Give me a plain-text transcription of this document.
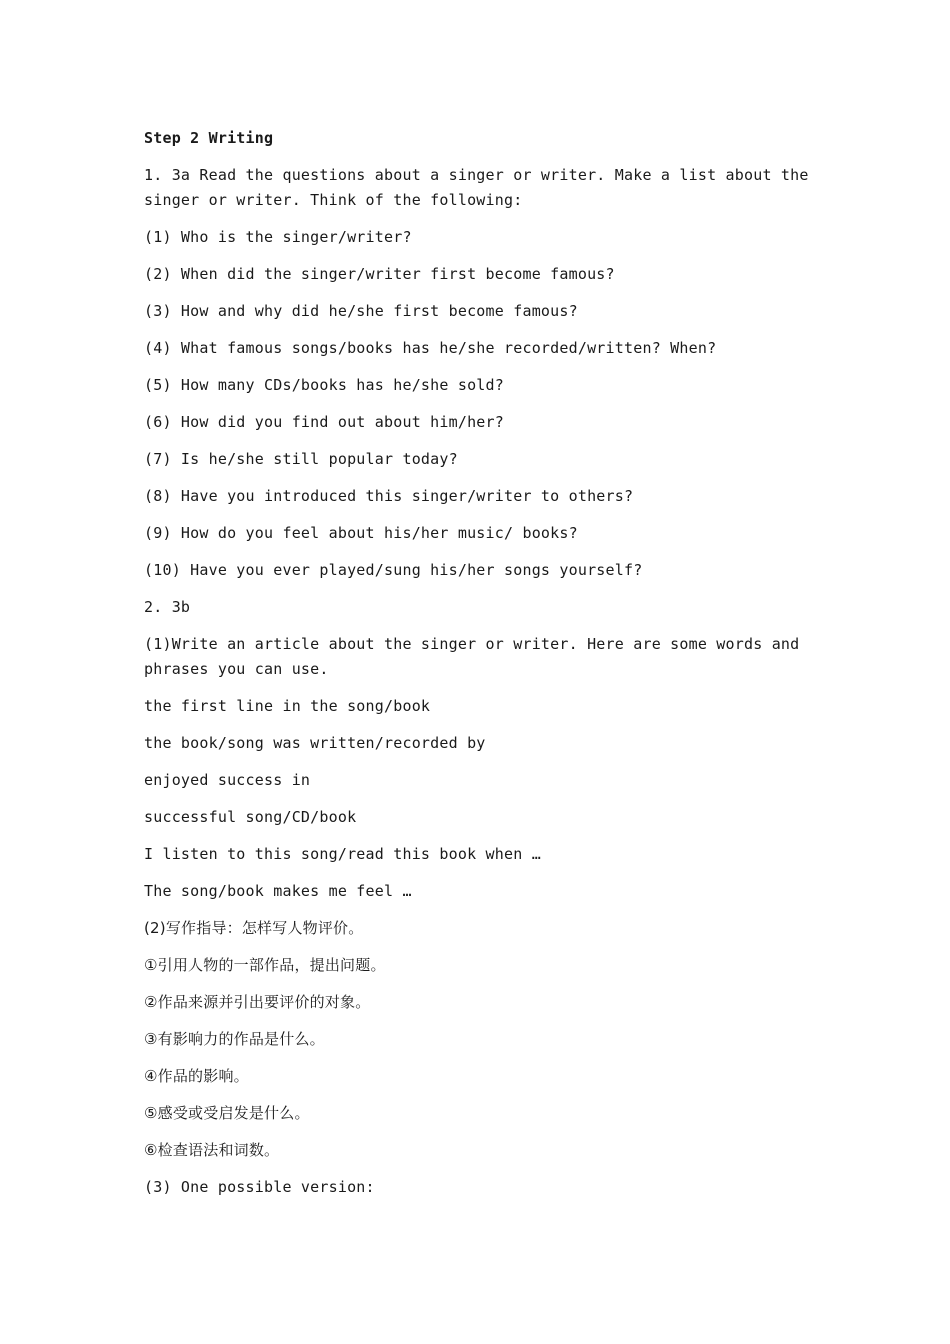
Step 2 Writing

1. 3a Read the questions about a singer or writer. Make a list about the singer or writer. Think of the following:

(1) Who is the singer/writer?

(2) When did the singer/writer first become famous?

(3) How and why did he/she first become famous?

(4) What famous songs/books has he/she recorded/written? When?

(5) How many CDs/books has he/she sold?

(6) How did you find out about him/her?

(7) Is he/she still popular today?

(8) Have you introduced this singer/writer to others?

(9) How do you feel about his/her music/ books?

(10) Have you ever played/sung his/her songs yourself?

2. 3b

(1)Write an article about the singer or writer. Here are some words and phrases you can use.

the first line in the song/book

the book/song was written/recorded by

enjoyed success in

successful song/CD/book

I listen to this song/read this book when …

The song/book makes me feel …

(2)写作指导：怎样写人物评价。

①引用人物的一部作品，提出问题。

②作品来源并引出要评价的对象。

③有影响力的作品是什么。

④作品的影响。

⑤感受或受启发是什么。

⑥检查语法和词数。

(3) One possible version:
